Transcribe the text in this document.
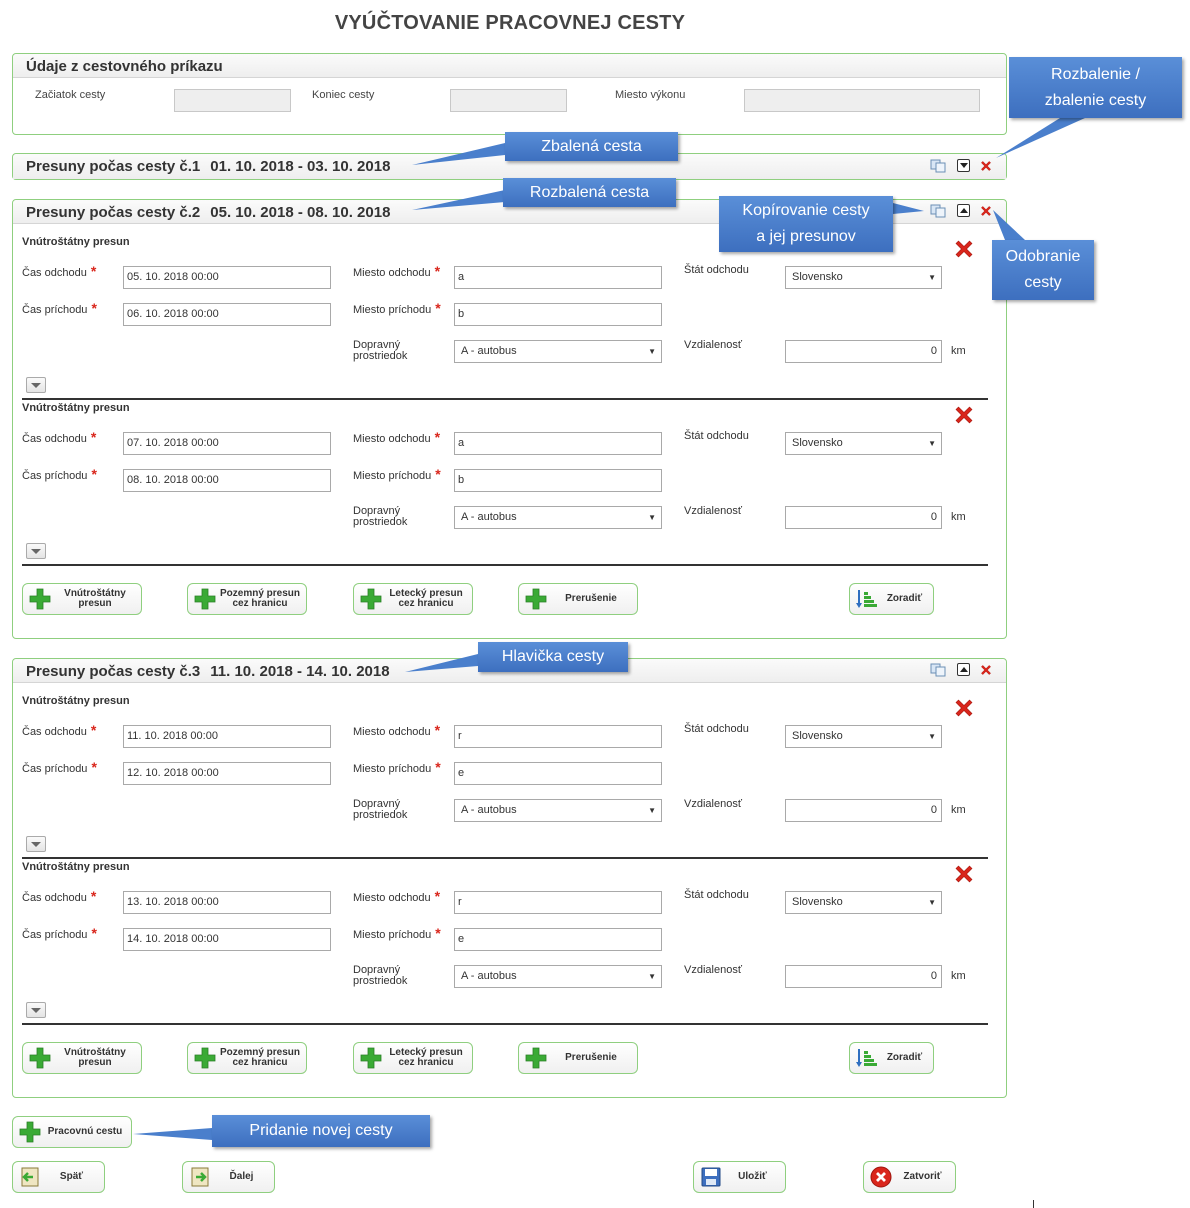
VYÚČTOVANIE PRACOVNEJ CESTY
Údaje z cestovného príkazu
Začiatok cesty	Koniec cesty	Miesto výkonu
Presuny počas cesty č.1 01. 10. 2018 - 03. 10. 2018
Presuny počas cesty č.2 05. 10. 2018 - 08. 10. 2018
Presuny počas cesty č.3 11. 10. 2018 - 14. 10. 2018
Vnútroštátny presun
Čas odchodu *	05. 10. 2018 00:00
Čas príchodu *	06. 10. 2018 00:00
Miesto odchodu *	a
Miesto príchodu *	b
Dopravný
prostriedok	A - autobus	▼
Štát odchodu
Slovensko	▼
Vzdialenosť	0	km
Vnútroštátny presun
Čas odchodu *	07. 10. 2018 00:00
Čas príchodu *	08. 10. 2018 00:00
Miesto odchodu *	a
Miesto príchodu *	b
Dopravný
prostriedok	A - autobus	▼
Štát odchodu
Slovensko	▼
Vzdialenosť	0	km
Vnútroštátny presun
Čas odchodu *	11. 10. 2018 00:00
Čas príchodu *	12. 10. 2018 00:00
Miesto odchodu *	r
Miesto príchodu *	e
Dopravný
prostriedok	A - autobus	▼
Štát odchodu
Slovensko	▼
Vzdialenosť	0	km
Vnútroštátny presun
Čas odchodu *	13. 10. 2018 00:00
Čas príchodu *	14. 10. 2018 00:00
Miesto odchodu *	r
Miesto príchodu *	e
Dopravný
prostriedok	A - autobus	▼
Štát odchodu
Slovensko	▼
Vzdialenosť	0	km
Vnútroštátny
presun
Pozemný presun
cez hranicu
Letecký presun
cez hranicu	Prerušenie	Zoradiť
Vnútroštátny
presun
Pozemný presun
cez hranicu
Letecký presun
cez hranicu	Prerušenie	Zoradiť
Pracovnú cestu
Späť	Ďalej	Uložiť	Zatvoriť
Rozbalenie /
zbalenie cesty
Zbalená cesta
Rozbalená cesta
Kopírovanie cesty
a jej presunov
Odobranie
cesty
Hlavička cesty
Pridanie novej cesty
